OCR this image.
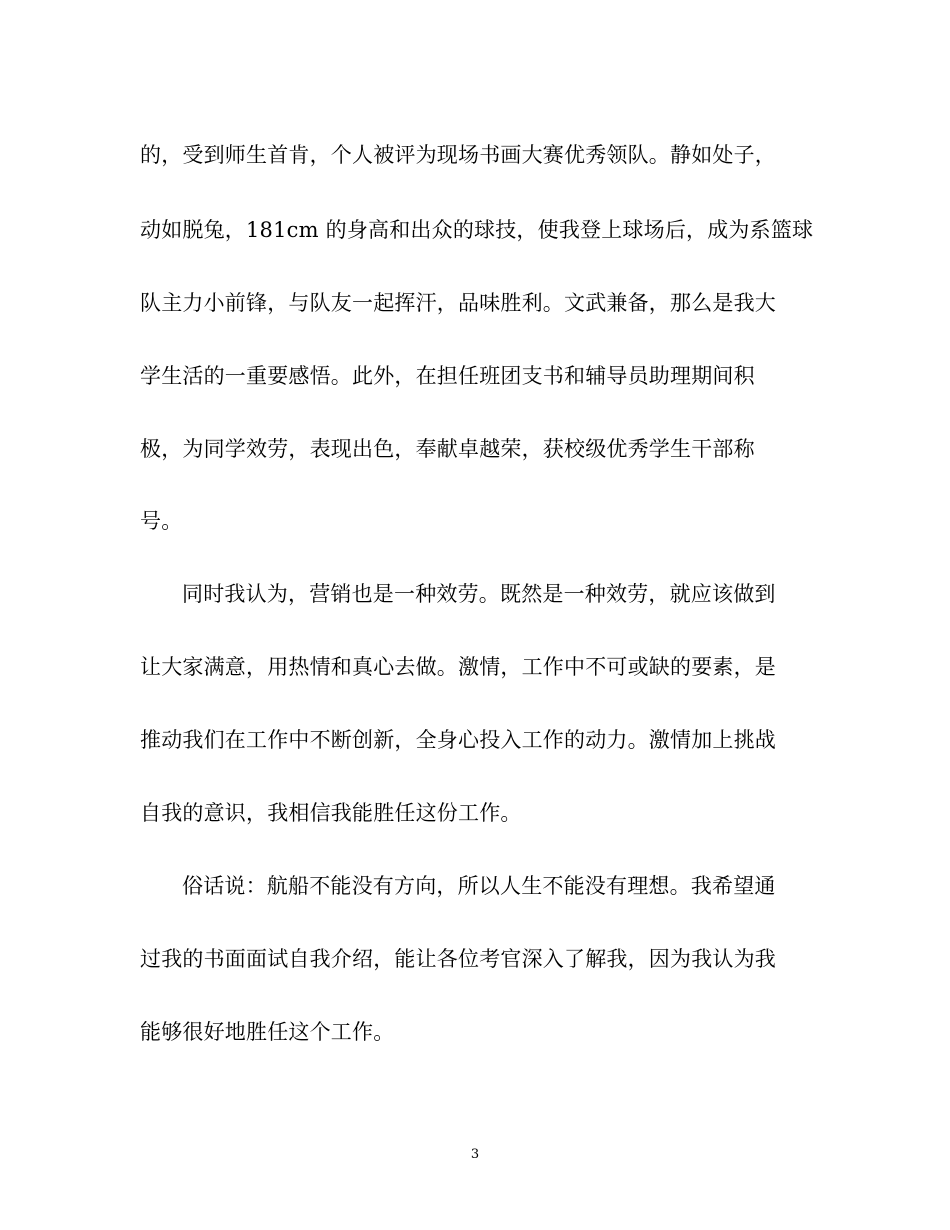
的，受到师生首肯，个人被评为现场书画大赛优秀领队。静如处子，
动如脱兔，181cm 的身高和出众的球技，使我登上球场后，成为系篮球
队主力小前锋，与队友一起挥汗，品味胜利。文武兼备，那么是我大
学生活的一重要感悟。此外，在担任班团支书和辅导员助理期间积
极，为同学效劳，表现出色，奉献卓越荣，获校级优秀学生干部称
号。
同时我认为，营销也是一种效劳。既然是一种效劳，就应该做到
让大家满意，用热情和真心去做。激情，工作中不可或缺的要素，是
推动我们在工作中不断创新，全身心投入工作的动力。激情加上挑战
自我的意识，我相信我能胜任这份工作。
俗话说：航船不能没有方向，所以人生不能没有理想。我希望通
过我的书面面试自我介绍，能让各位考官深入了解我，因为我认为我
能够很好地胜任这个工作。
3
